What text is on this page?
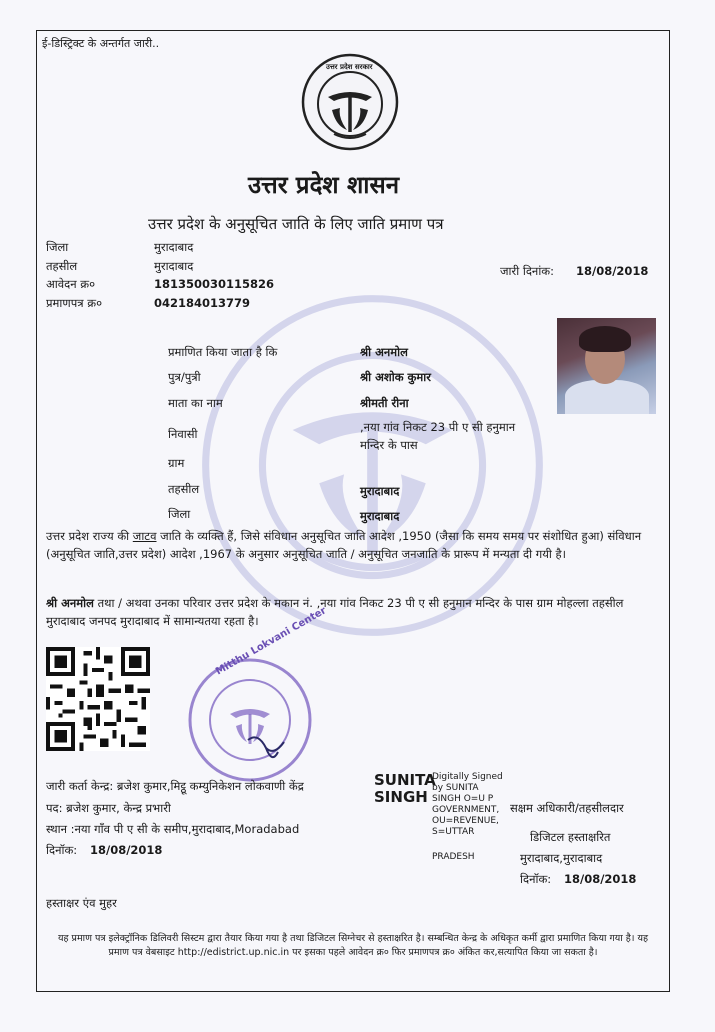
ई-डिस्ट्रिक्ट के अन्तर्गत जारी..
उत्तर प्रदेश सरकार
उत्तर प्रदेश शासन
उत्तर प्रदेश के अनुसूचित जाति के लिए जाति प्रमाण पत्र
जिला	मुरादाबाद
तहसील	मुरादाबाद
आवेदन क्र०	181350030115826
प्रमाणपत्र क्र०	042184013779
जारी दिनांक: 18/08/2018
प्रमाणित किया जाता है कि	श्री अनमोल
पुत्र/पुत्री	श्री अशोक कुमार
माता का नाम	श्रीमती रीना
निवासी	,नया गांव निकट 23 पी ए सी हनुमान
मन्दिर के पास
ग्राम
तहसील	मुरादाबाद
जिला	मुरादाबाद
उत्तर प्रदेश राज्य की जाटव जाति के व्यक्ति हैं, जिसे संविधान अनुसूचित जाति आदेश ,1950 (जैसा कि समय समय पर संशोधित हुआ) संविधान (अनुसूचित जाति,उत्तर प्रदेश) आदेश ,1967 के अनुसार अनुसूचित जाति / अनुसूचित जनजाति के प्रारूप में मन्यता दी गयी है।
श्री अनमोल तथा / अथवा उनका परिवार उत्तर प्रदेश के मकान नं. ,नया गांव निकट 23 पी ए सी हनुमान मन्दिर के पास ग्राम मोहल्ला तहसील मुरादाबाद जनपद मुरादाबाद में सामान्यतया रहता है।
Mitthu Lokvani Center
जारी कर्ता केन्द्र: ब्रजेश कुमार,मिट्ठू कम्युनिकेशन लोकवाणी केंद्र
पद: ब्रजेश कुमार, केन्द्र प्रभारी
स्थान :नया गाँव पी ए सी के समीप,मुरादाबाद,Moradabad
दिनॉक: 18/08/2018
SUNITA
SINGH
Digitally Signed
by SUNITA
SINGH O=U P
GOVERNMENT,
OU=REVENUE,
S=UTTAR
PRADESH
सक्षम अधिकारी/तहसीलदार
डिजिटल हस्ताक्षरित
मुरादाबाद,मुरादाबाद
दिनॉक: 18/08/2018
हस्ताक्षर एंव मुहर
यह प्रमाण पत्र इलेक्ट्रॉनिक डिलिवरी सिस्टम द्वारा तैयार किया गया है तथा डिजिटल सिग्नेचर से हस्ताक्षरित है। सम्बन्धित केन्द्र के अधिकृत कर्मी द्वारा प्रमाणित किया गया है। यह प्रमाण पत्र वेबसाइट http://edistrict.up.nic.in पर इसका पहले आवेदन क्र० फिर प्रमाणपत्र क्र० अंकित कर,सत्यापित किया जा सकता है।
